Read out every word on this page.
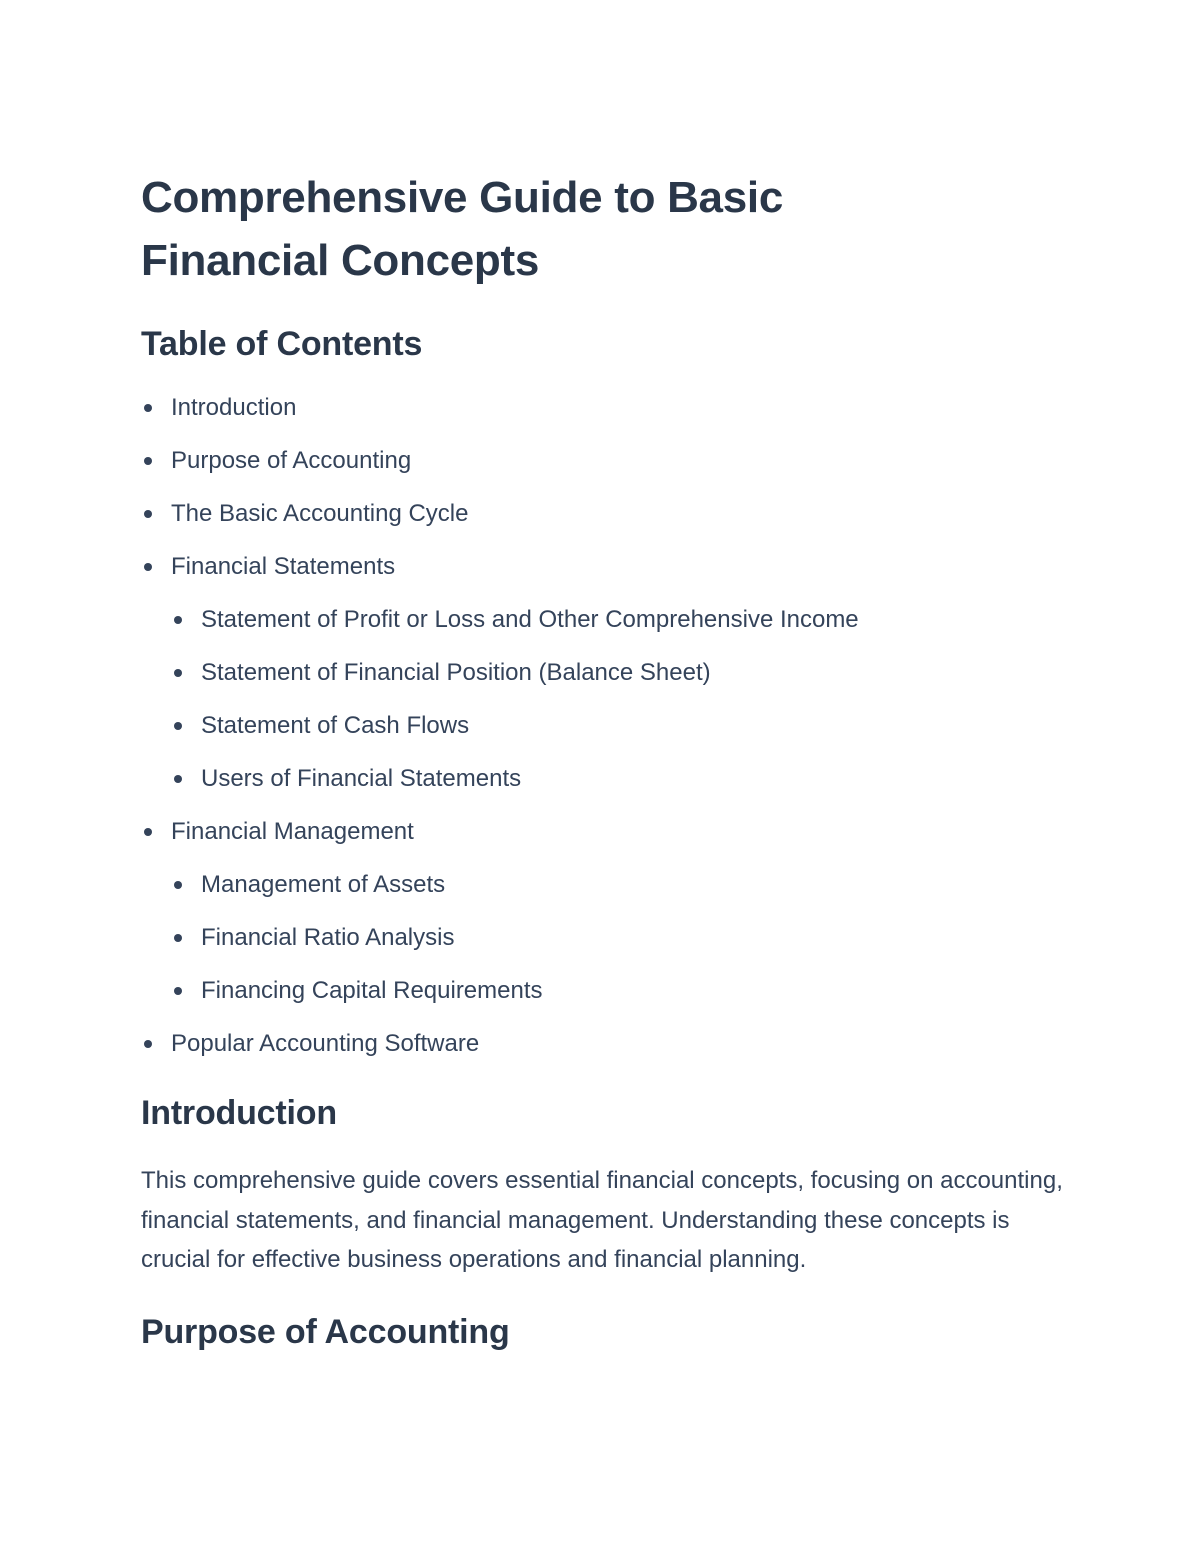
Comprehensive Guide to Basic
Financial Concepts
Table of Contents
Introduction
Purpose of Accounting
The Basic Accounting Cycle
Financial Statements
Statement of Profit or Loss and Other Comprehensive Income
Statement of Financial Position (Balance Sheet)
Statement of Cash Flows
Users of Financial Statements
Financial Management
Management of Assets
Financial Ratio Analysis
Financing Capital Requirements
Popular Accounting Software
Introduction

This comprehensive guide covers essential financial concepts, focusing on accounting, financial statements, and financial management. Understanding these concepts is crucial for effective business operations and financial planning.

Purpose of Accounting
